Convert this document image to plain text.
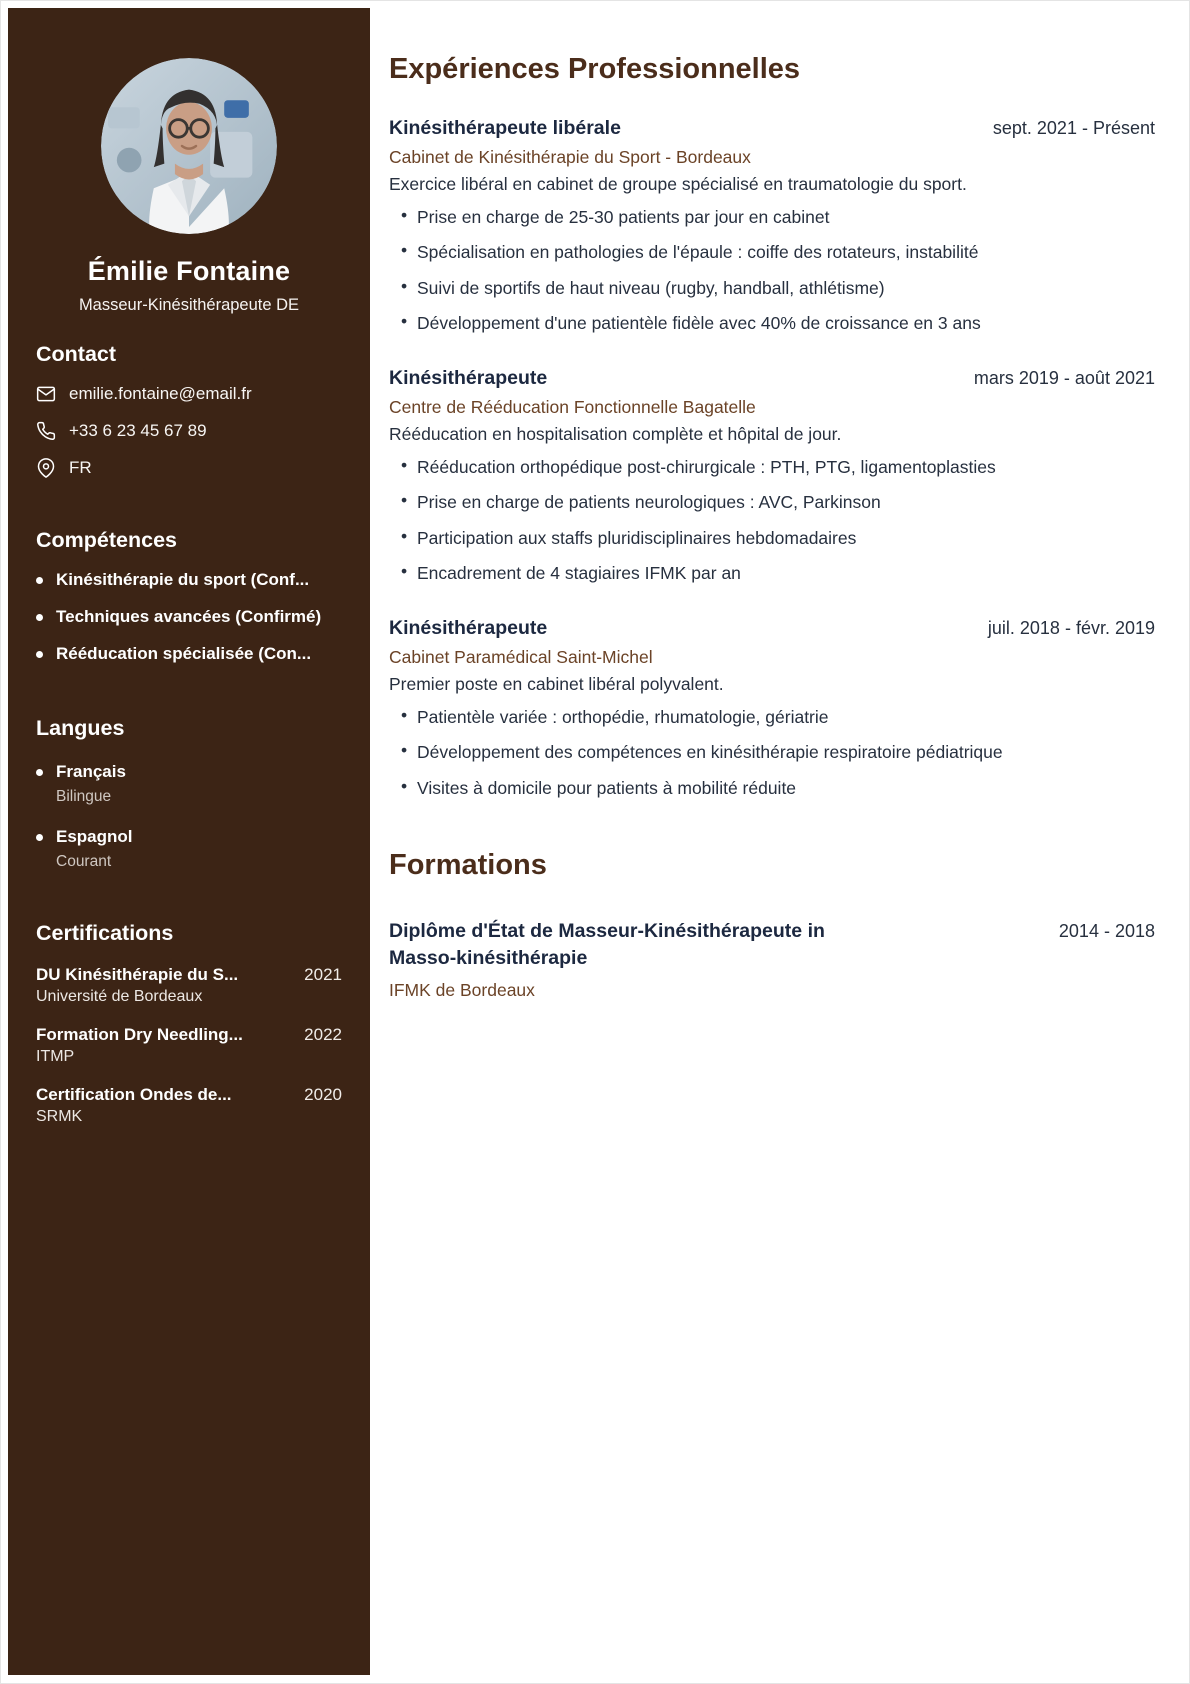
Émilie Fontaine
Masseur-Kinésithérapeute DE
Contact
emilie.fontaine@email.fr
+33 6 23 45 67 89
FR
Compétences
Kinésithérapie du sport (Conf...
Techniques avancées (Confirmé)
Rééducation spécialisée (Con...
Langues
Français
Bilingue
Espagnol
Courant
Certifications
DU Kinésithérapie du S...	2021
Université de Bordeaux
Formation Dry Needling...	2022
ITMP
Certification Ondes de...	2020
SRMK
Expériences Professionnelles
Kinésithérapeute libérale	sept. 2021 - Présent
Cabinet de Kinésithérapie du Sport - Bordeaux
Exercice libéral en cabinet de groupe spécialisé en traumatologie du sport.
• Prise en charge de 25-30 patients par jour en cabinet
• Spécialisation en pathologies de l'épaule : coiffe des rotateurs, instabilité
• Suivi de sportifs de haut niveau (rugby, handball, athlétisme)
• Développement d'une patientèle fidèle avec 40% de croissance en 3 ans
Kinésithérapeute	mars 2019 - août 2021
Centre de Rééducation Fonctionnelle Bagatelle
Rééducation en hospitalisation complète et hôpital de jour.
• Rééducation orthopédique post-chirurgicale : PTH, PTG, ligamentoplasties
• Prise en charge de patients neurologiques : AVC, Parkinson
• Participation aux staffs pluridisciplinaires hebdomadaires
• Encadrement de 4 stagiaires IFMK par an
Kinésithérapeute	juil. 2018 - févr. 2019
Cabinet Paramédical Saint-Michel
Premier poste en cabinet libéral polyvalent.
• Patientèle variée : orthopédie, rhumatologie, gériatrie
• Développement des compétences en kinésithérapie respiratoire pédiatrique
• Visites à domicile pour patients à mobilité réduite
Formations
Diplôme d'État de Masseur-Kinésithérapeute in Masso-kinésithérapie
2014 - 2018
IFMK de Bordeaux
